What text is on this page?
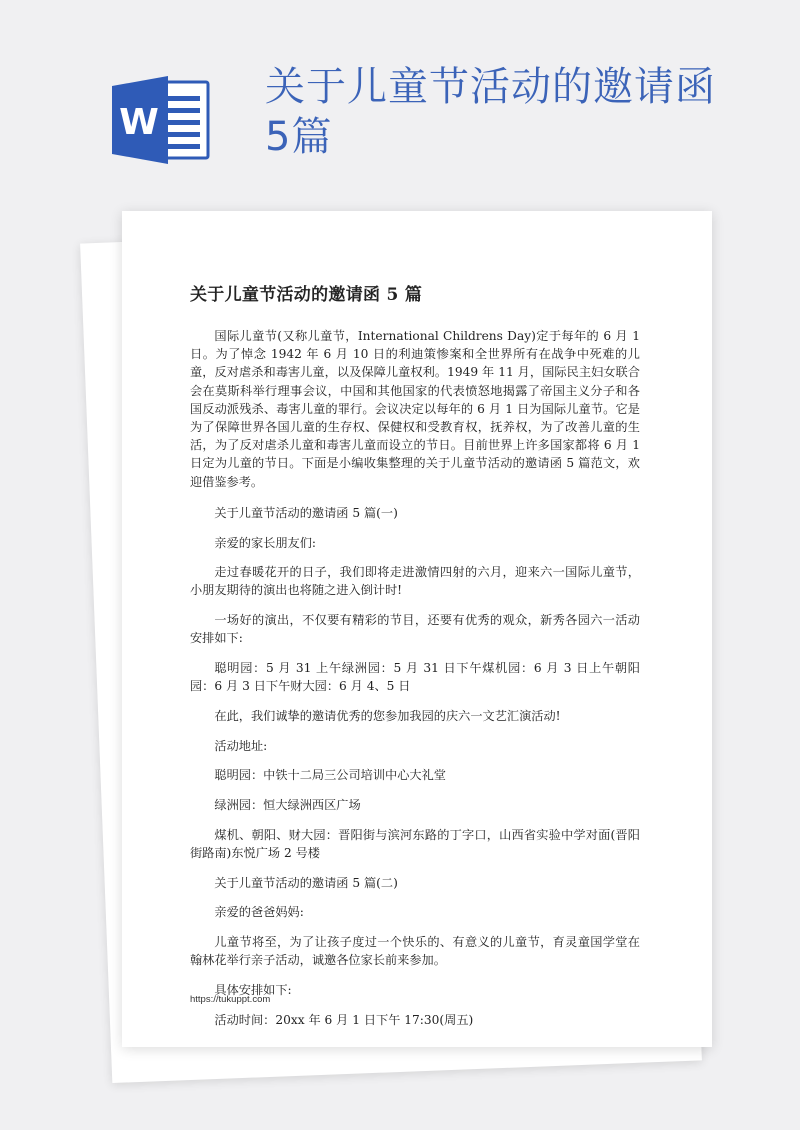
W
关于儿童节活动的邀请函5篇
关于儿童节活动的邀请函 5 篇

国际儿童节(又称儿童节，International Childrens Day)定于每年的 6 月 1 日。为了悼念 1942 年 6 月 10 日的利迪策惨案和全世界所有在战争中死难的儿童，反对虐杀和毒害儿童，以及保障儿童权利。1949 年 11 月，国际民主妇女联合会在莫斯科举行理事会议，中国和其他国家的代表愤怒地揭露了帝国主义分子和各国反动派残杀、毒害儿童的罪行。会议决定以每年的 6 月 1 日为国际儿童节。它是为了保障世界各国儿童的生存权、保健权和受教育权，抚养权，为了改善儿童的生活，为了反对虐杀儿童和毒害儿童而设立的节日。目前世界上许多国家都将 6 月 1 日定为儿童的节日。下面是小编收集整理的关于儿童节活动的邀请函 5 篇范文，欢迎借鉴参考。

关于儿童节活动的邀请函 5 篇(一)

亲爱的家长朋友们:

走过春暖花开的日子，我们即将走进激情四射的六月，迎来六一国际儿童节，小朋友期待的演出也将随之进入倒计时!

一场好的演出，不仅要有精彩的节目，还要有优秀的观众，新秀各园六一活动安排如下:

聪明园：5 月 31 上午绿洲园：5 月 31 日下午煤机园：6 月 3 日上午朝阳园：6 月 3 日下午财大园：6 月 4、5 日

在此，我们诚挚的邀请优秀的您参加我园的庆六一文艺汇演活动!

活动地址:

聪明园：中铁十二局三公司培训中心大礼堂

绿洲园：恒大绿洲西区广场

煤机、朝阳、财大园：晋阳街与滨河东路的丁字口，山西省实验中学对面(晋阳街路南)东悦广场 2 号楼

关于儿童节活动的邀请函 5 篇(二)

亲爱的爸爸妈妈:

儿童节将至，为了让孩子度过一个快乐的、有意义的儿童节，育灵童国学堂在翰林花举行亲子活动，诚邀各位家长前来参加。

具体安排如下:

活动时间：20xx 年 6 月 1 日下午 17:30(周五)

https://tukuppt.com
